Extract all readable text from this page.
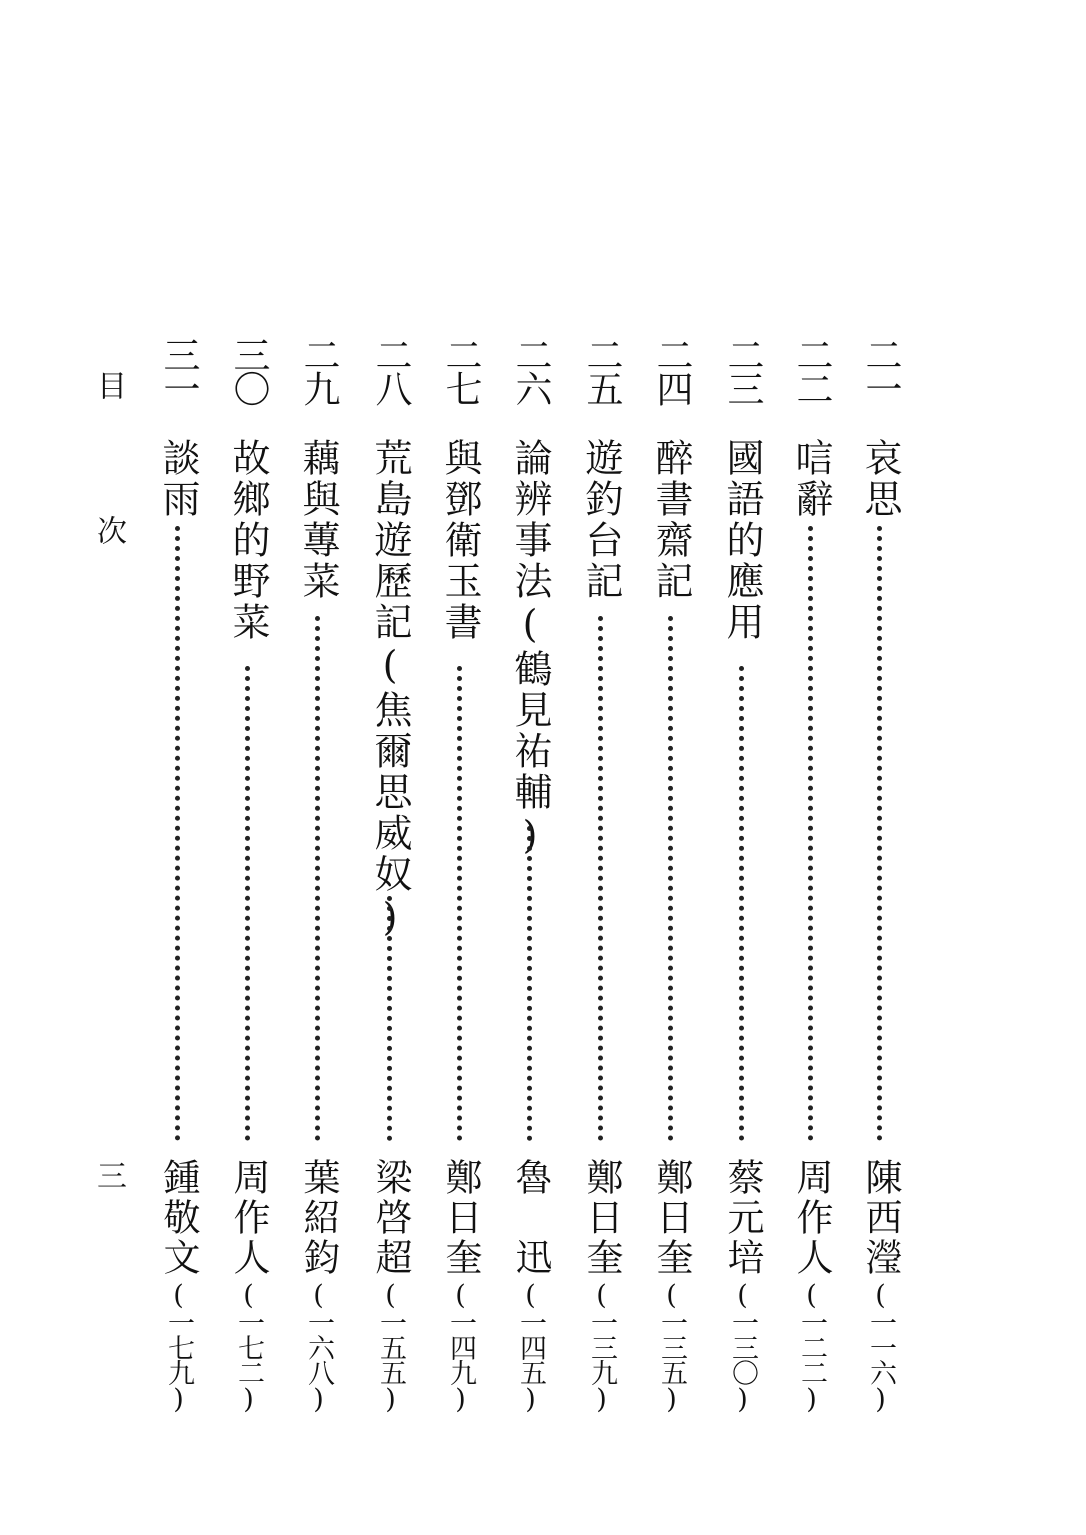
二一
哀思
陳西瀅
(一一六)
二二
唁辭
周作人
(一二二)
二三
國語的應用
蔡元培
(一三〇)
二四
醉書齋記
鄭日奎
(一三五)
二五
遊釣台記
鄭日奎
(一三九)
二六
論辨事法(鶴見祐輔)
魯　迅
(一四五)
二七
與鄧衛玉書
鄭日奎
(一四九)
二八
荒島遊歷記(焦爾思威奴)
梁啓超
(一五五)
二九
藕與蓴菜
葉紹鈞
(一六八)
三〇
故鄉的野菜
周作人
(一七二)
三一
談雨
鍾敬文
(一七九)
目 次
三
